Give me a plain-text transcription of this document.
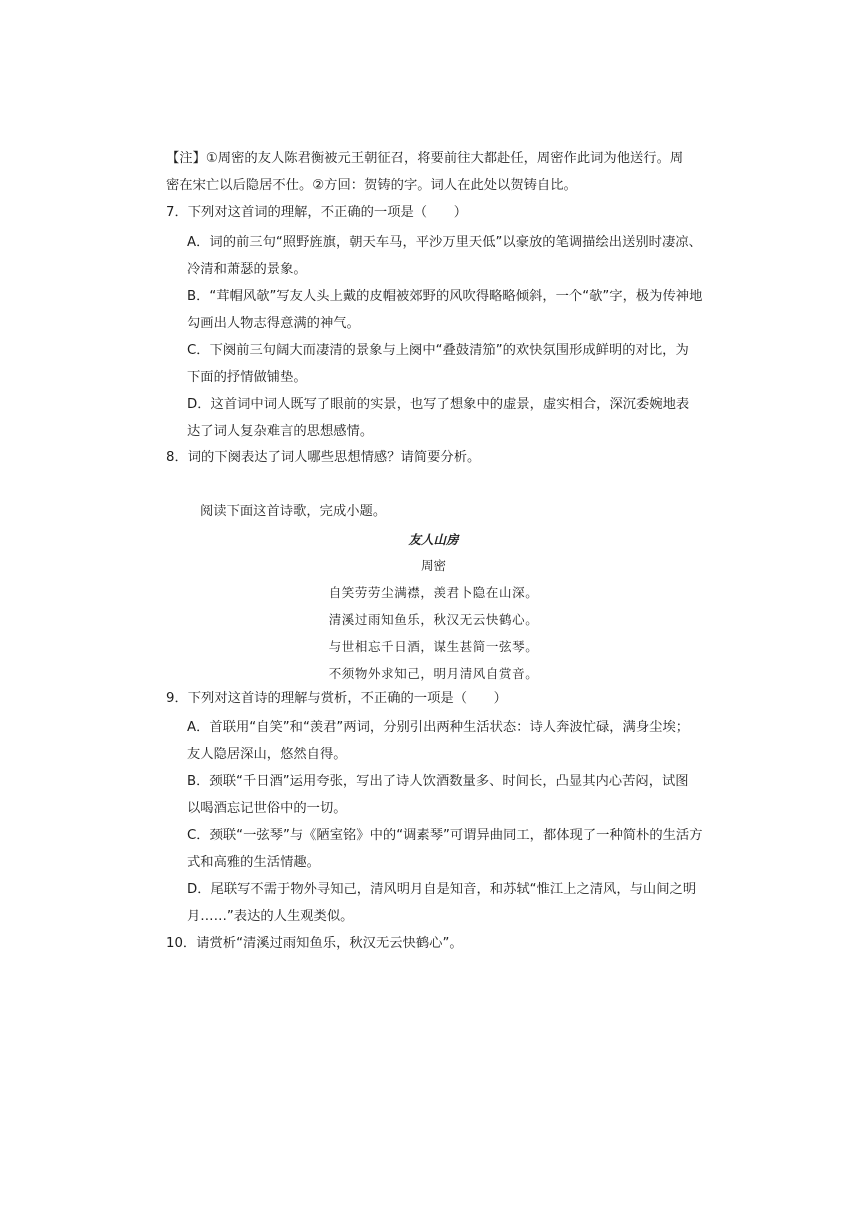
【注】①周密的友人陈君衡被元王朝征召，将要前往大都赴任，周密作此词为他送行。周
密在宋亡以后隐居不仕。②方回：贺铸的字。词人在此处以贺铸自比。
7．下列对这首词的理解，不正确的一项是（　　）
A．词的前三句“照野旌旗，朝天车马，平沙万里天低”以豪放的笔调描绘出送别时凄凉、
冷清和萧瑟的景象。
B．“茸帽风欹”写友人头上戴的皮帽被郊野的风吹得略略倾斜，一个“欹”字，极为传神地
勾画出人物志得意满的神气。
C．下阕前三句阔大而凄清的景象与上阕中“叠鼓清笳”的欢快氛围形成鲜明的对比，为
下面的抒情做铺垫。
D．这首词中词人既写了眼前的实景，也写了想象中的虚景，虚实相合，深沉委婉地表
达了词人复杂难言的思想感情。
8．词的下阕表达了词人哪些思想情感？请简要分析。
阅读下面这首诗歌，完成小题。
友人山房
周密
自笑劳劳尘满襟，羡君卜隐在山深。
清溪过雨知鱼乐，秋汉无云快鹤心。
与世相忘千日酒，谋生甚简一弦琴。
不须物外求知己，明月清风自赏音。
9．下列对这首诗的理解与赏析，不正确的一项是（　　）
A．首联用“自笑”和“羡君”两词，分别引出两种生活状态：诗人奔波忙碌，满身尘埃；
友人隐居深山，悠然自得。
B．颈联“千日酒”运用夸张，写出了诗人饮酒数量多、时间长，凸显其内心苦闷，试图
以喝酒忘记世俗中的一切。
C．颈联“一弦琴”与《陋室铭》中的“调素琴”可谓异曲同工，都体现了一种简朴的生活方
式和高雅的生活情趣。
D．尾联写不需于物外寻知己，清风明月自是知音，和苏轼“惟江上之清风，与山间之明
月……”表达的人生观类似。
10．请赏析“清溪过雨知鱼乐，秋汉无云快鹤心”。
